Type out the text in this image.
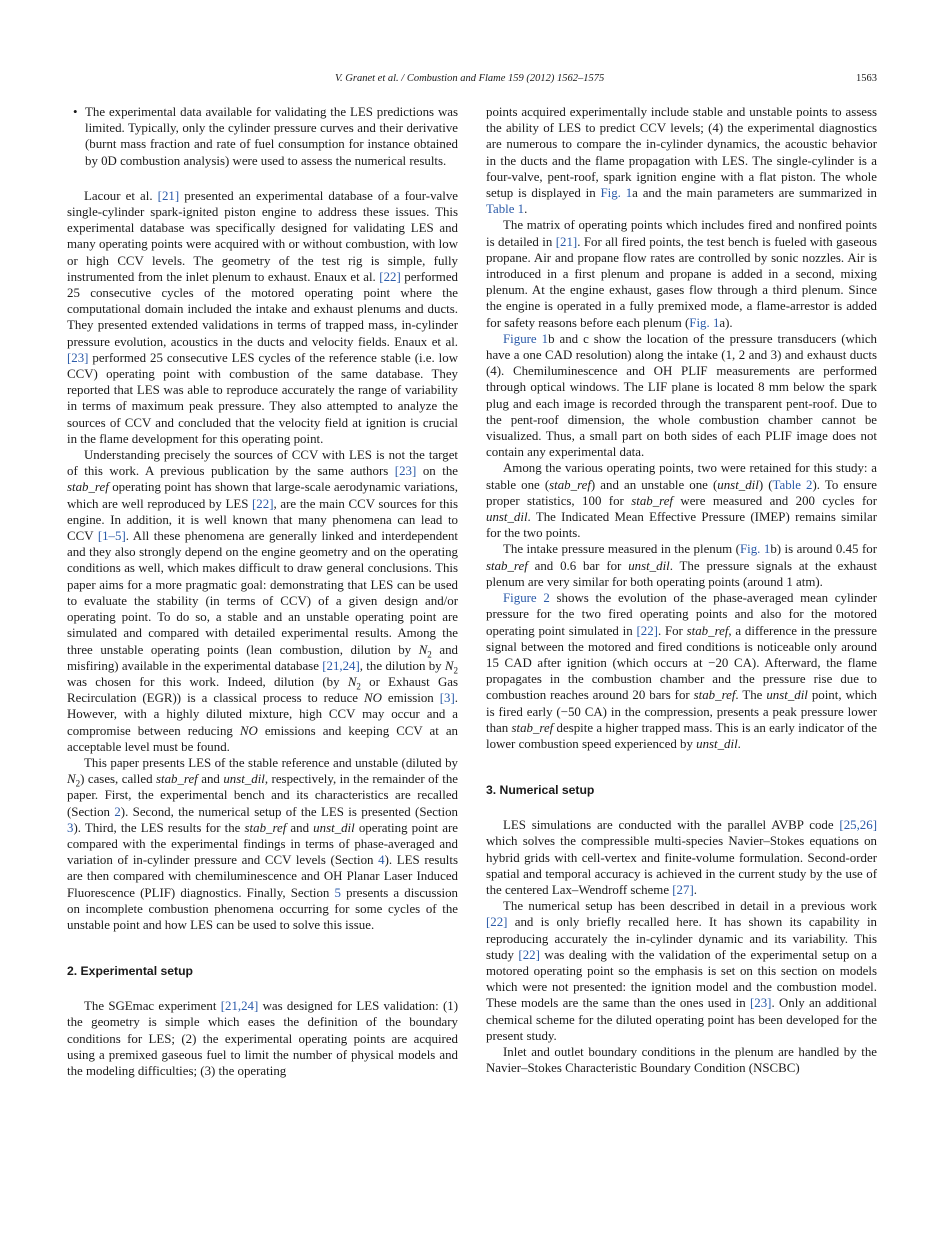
V. Granet et al. / Combustion and Flame 159 (2012) 1562–1575	1563
• The experimental data available for validating the LES predictions was limited. Typically, only the cylinder pressure curves and their derivative (burnt mass fraction and rate of fuel consumption for instance obtained by 0D combustion analysis) were used to assess the numerical results.

Lacour et al. [21] presented an experimental database of a four-valve single-cylinder spark-ignited piston engine to address these issues. This experimental database was specifically designed for validating LES and many operating points were acquired with or without combustion, with low or high CCV levels. The geometry of the test rig is simple, fully instrumented from the inlet plenum to exhaust. Enaux et al. [22] performed 25 consecutive cycles of the motored operating point where the computational domain included the intake and exhaust plenums and ducts. They presented extended validations in terms of trapped mass, in-cylinder pressure evolution, acoustics in the ducts and velocity fields. Enaux et al. [23] performed 25 consecutive LES cycles of the reference stable (i.e. low CCV) operating point with combustion of the same database. They reported that LES was able to reproduce accurately the range of variability in terms of maximum peak pressure. They also attempted to analyze the sources of CCV and concluded that the velocity field at ignition is crucial in the flame development for this operating point.

Understanding precisely the sources of CCV with LES is not the target of this work. A previous publication by the same authors [23] on the stab_ref operating point has shown that large-scale aerodynamic variations, which are well reproduced by LES [22], are the main CCV sources for this engine. In addition, it is well known that many phenomena can lead to CCV [1–5]. All these phenomena are generally linked and interdependent and they also strongly depend on the engine geometry and on the operating conditions as well, which makes difficult to draw general conclusions. This paper aims for a more pragmatic goal: demonstrating that LES can be used to evaluate the stability (in terms of CCV) of a given design and/or operating point. To do so, a stable and an unstable operating point are simulated and compared with detailed experimental results. Among the three unstable operating points (lean combustion, dilution by $N_2$ and misfiring) available in the experimental database [21,24], the dilution by $N_2$ was chosen for this work. Indeed, dilution (by $N_2$ or Exhaust Gas Recirculation (EGR)) is a classical process to reduce NO emission [3]. However, with a highly diluted mixture, high CCV may occur and a compromise between reducing NO emissions and keeping CCV at an acceptable level must be found.

This paper presents LES of the stable reference and unstable (diluted by $N_2$) cases, called stab_ref and unst_dil, respectively, in the remainder of the paper. First, the experimental bench and its characteristics are recalled (Section 2). Second, the numerical setup of the LES is presented (Section 3). Third, the LES results for the stab_ref and unst_dil operating point are compared with the experimental findings in terms of phase-averaged and variation of in-cylinder pressure and CCV levels (Section 4). LES results are then compared with chemiluminescence and OH Planar Laser Induced Fluorescence (PLIF) diagnostics. Finally, Section 5 presents a discussion on incomplete combustion phenomena occurring for some cycles of the unstable point and how LES can be used to solve this issue.

2. Experimental setup

The SGEmac experiment [21,24] was designed for LES validation: (1) the geometry is simple which eases the definition of the boundary conditions for LES; (2) the experimental operating points are acquired using a premixed gaseous fuel to limit the number of physical models and the modeling difficulties; (3) the operating

points acquired experimentally include stable and unstable points to assess the ability of LES to predict CCV levels; (4) the experimental diagnostics are numerous to compare the in-cylinder dynamics, the acoustic behavior in the ducts and the flame propagation with LES. The single-cylinder is a four-valve, pent-roof, spark ignition engine with a flat piston. The whole setup is displayed in Fig. 1a and the main parameters are summarized in Table 1.

The matrix of operating points which includes fired and nonfired points is detailed in [21]. For all fired points, the test bench is fueled with gaseous propane. Air and propane flow rates are controlled by sonic nozzles. Air is introduced in a first plenum and propane is added in a second, mixing plenum. At the engine exhaust, gases flow through a third plenum. Since the engine is operated in a fully premixed mode, a flame-arrestor is added for safety reasons before each plenum (Fig. 1a).

Figure 1b and c show the location of the pressure transducers (which have a one CAD resolution) along the intake (1, 2 and 3) and exhaust ducts (4). Chemiluminescence and OH PLIF measurements are performed through optical windows. The LIF plane is located 8 mm below the spark plug and each image is recorded through the transparent pent-roof. Due to the pent-roof dimension, the whole combustion chamber cannot be visualized. Thus, a small part on both sides of each PLIF image does not contain any experimental data.

Among the various operating points, two were retained for this study: a stable one (stab_ref) and an unstable one (unst_dil) (Table 2). To ensure proper statistics, 100 for stab_ref were measured and 200 cycles for unst_dil. The Indicated Mean Effective Pressure (IMEP) remains similar for the two points.

The intake pressure measured in the plenum (Fig. 1b) is around 0.45 for stab_ref and 0.6 bar for unst_dil. The pressure signals at the exhaust plenum are very similar for both operating points (around 1 atm).

Figure 2 shows the evolution of the phase-averaged mean cylinder pressure for the two fired operating points and also for the motored operating point simulated in [22]. For stab_ref, a difference in the pressure signal between the motored and fired conditions is noticeable only around 15 CAD after ignition (which occurs at −20 CA). Afterward, the flame propagates in the combustion chamber and the pressure rise due to combustion reaches around 20 bars for stab_ref. The unst_dil point, which is fired early (−50 CA) in the compression, presents a peak pressure lower than stab_ref despite a higher trapped mass. This is an early indicator of the lower combustion speed experienced by unst_dil.

3. Numerical setup

LES simulations are conducted with the parallel AVBP code [25,26] which solves the compressible multi-species Navier–Stokes equations on hybrid grids with cell-vertex and finite-volume formulation. Second-order spatial and temporal accuracy is achieved in the current study by the use of the centered Lax–Wendroff scheme [27].

The numerical setup has been described in detail in a previous work [22] and is only briefly recalled here. It has shown its capability in reproducing accurately the in-cylinder dynamic and its variability. This study [22] was dealing with the validation of the experimental setup on a motored operating point so the emphasis is set on this section on models which were not presented: the ignition model and the combustion model. These models are the same than the ones used in [23]. Only an additional chemical scheme for the diluted operating point has been developed for the present study.

Inlet and outlet boundary conditions in the plenum are handled by the Navier–Stokes Characteristic Boundary Condition (NSCBC)
